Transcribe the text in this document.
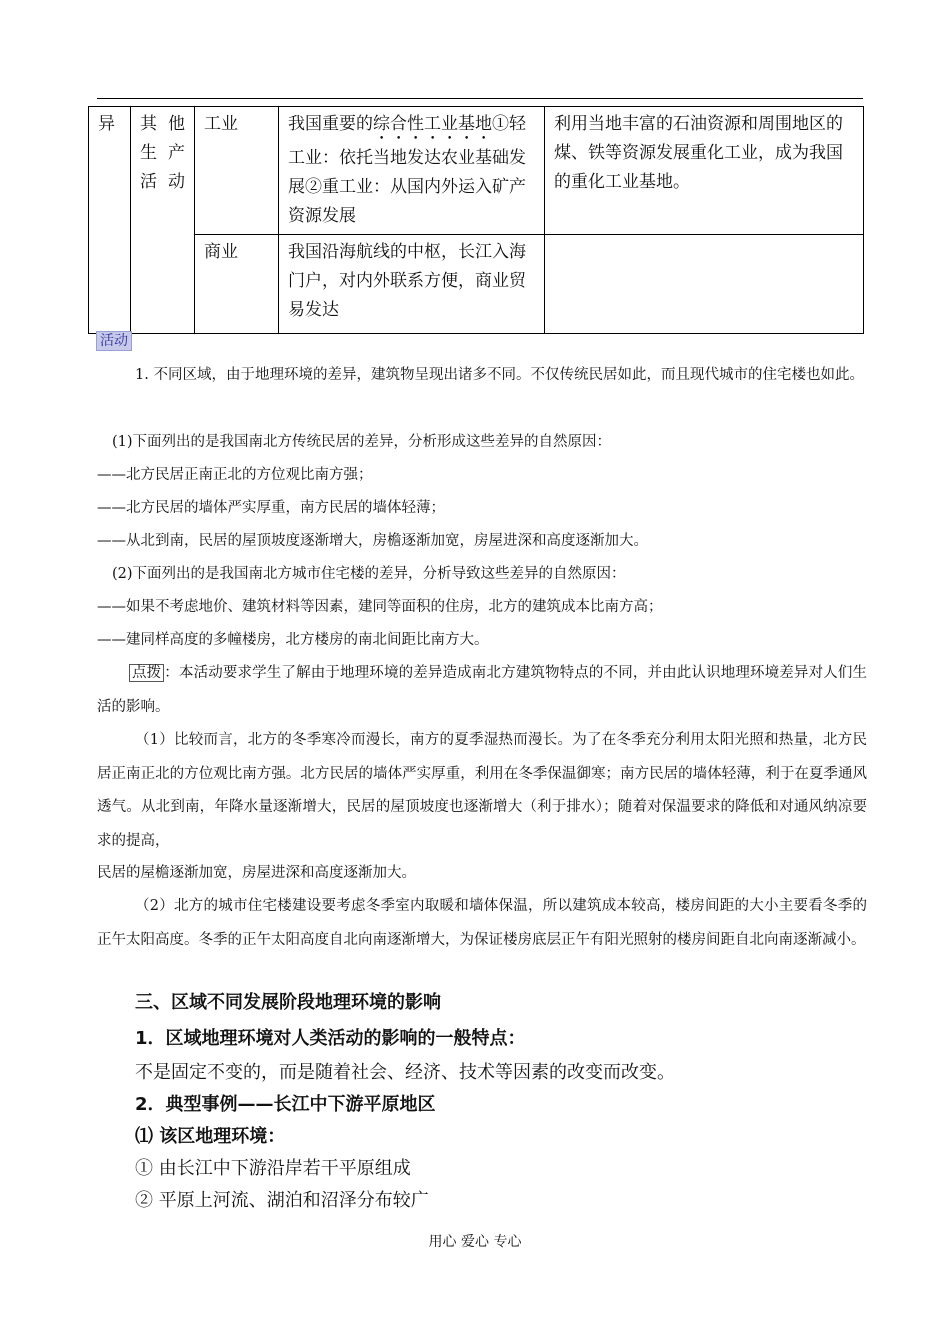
异	其他生产活动	工业	我国重要的综合性工业基地①轻工业：依托当地发达农业基础发展②重工业：从国内外运入矿产资源发展	利用当地丰富的石油资源和周围地区的煤、铁等资源发展重化工业，成为我国的重化工业基地。
		商业	我国沿海航线的中枢，长江入海门户，对内外联系方便，商业贸易发达	
活动
1. 不同区域，由于地理环境的差异，建筑物呈现出诸多不同。不仅传统民居如此，而且现代城市的住宅楼也如此。
(1)下面列出的是我国南北方传统民居的差异，分析形成这些差异的自然原因：
——北方民居正南正北的方位观比南方强；
——北方民居的墙体严实厚重，南方民居的墙体轻薄；
——从北到南，民居的屋顶坡度逐渐增大，房檐逐渐加宽，房屋进深和高度逐渐加大。
(2)下面列出的是我国南北方城市住宅楼的差异，分析导致这些差异的自然原因：
——如果不考虑地价、建筑材料等因素，建同等面积的住房，北方的建筑成本比南方高；
——建同样高度的多幢楼房，北方楼房的南北间距比南方大。
点拨 ：本活动要求学生了解由于地理环境的差异造成南北方建筑物特点的不同，并由此认识地理环境差异对人们生活的影响。
（1）比较而言，北方的冬季寒冷而漫长，南方的夏季湿热而漫长。为了在冬季充分利用太阳光照和热量，北方民居正南正北的方位观比南方强。北方民居的墙体严实厚重，利用在冬季保温御寒；南方民居的墙体轻薄，利于在夏季通风透气。从北到南，年降水量逐渐增大，民居的屋顶坡度也逐渐增大（利于排水）；随着对保温要求的降低和对通风纳凉要求的提高，
民居的屋檐逐渐加宽，房屋进深和高度逐渐加大。
（2）北方的城市住宅楼建设要考虑冬季室内取暖和墙体保温，所以建筑成本较高，楼房间距的大小主要看冬季的正午太阳高度。冬季的正午太阳高度自北向南逐渐增大，为保证楼房底层正午有阳光照射的楼房间距自北向南逐渐减小。
三、区域不同发展阶段地理环境的影响
1．区域地理环境对人类活动的影响的一般特点：
不是固定不变的，而是随着社会、经济、技术等因素的改变而改变。
2．典型事例——长江中下游平原地区
⑴ 该区地理环境：
① 由长江中下游沿岸若干平原组成
② 平原上河流、湖泊和沼泽分布较广
用心 爱心 专心
